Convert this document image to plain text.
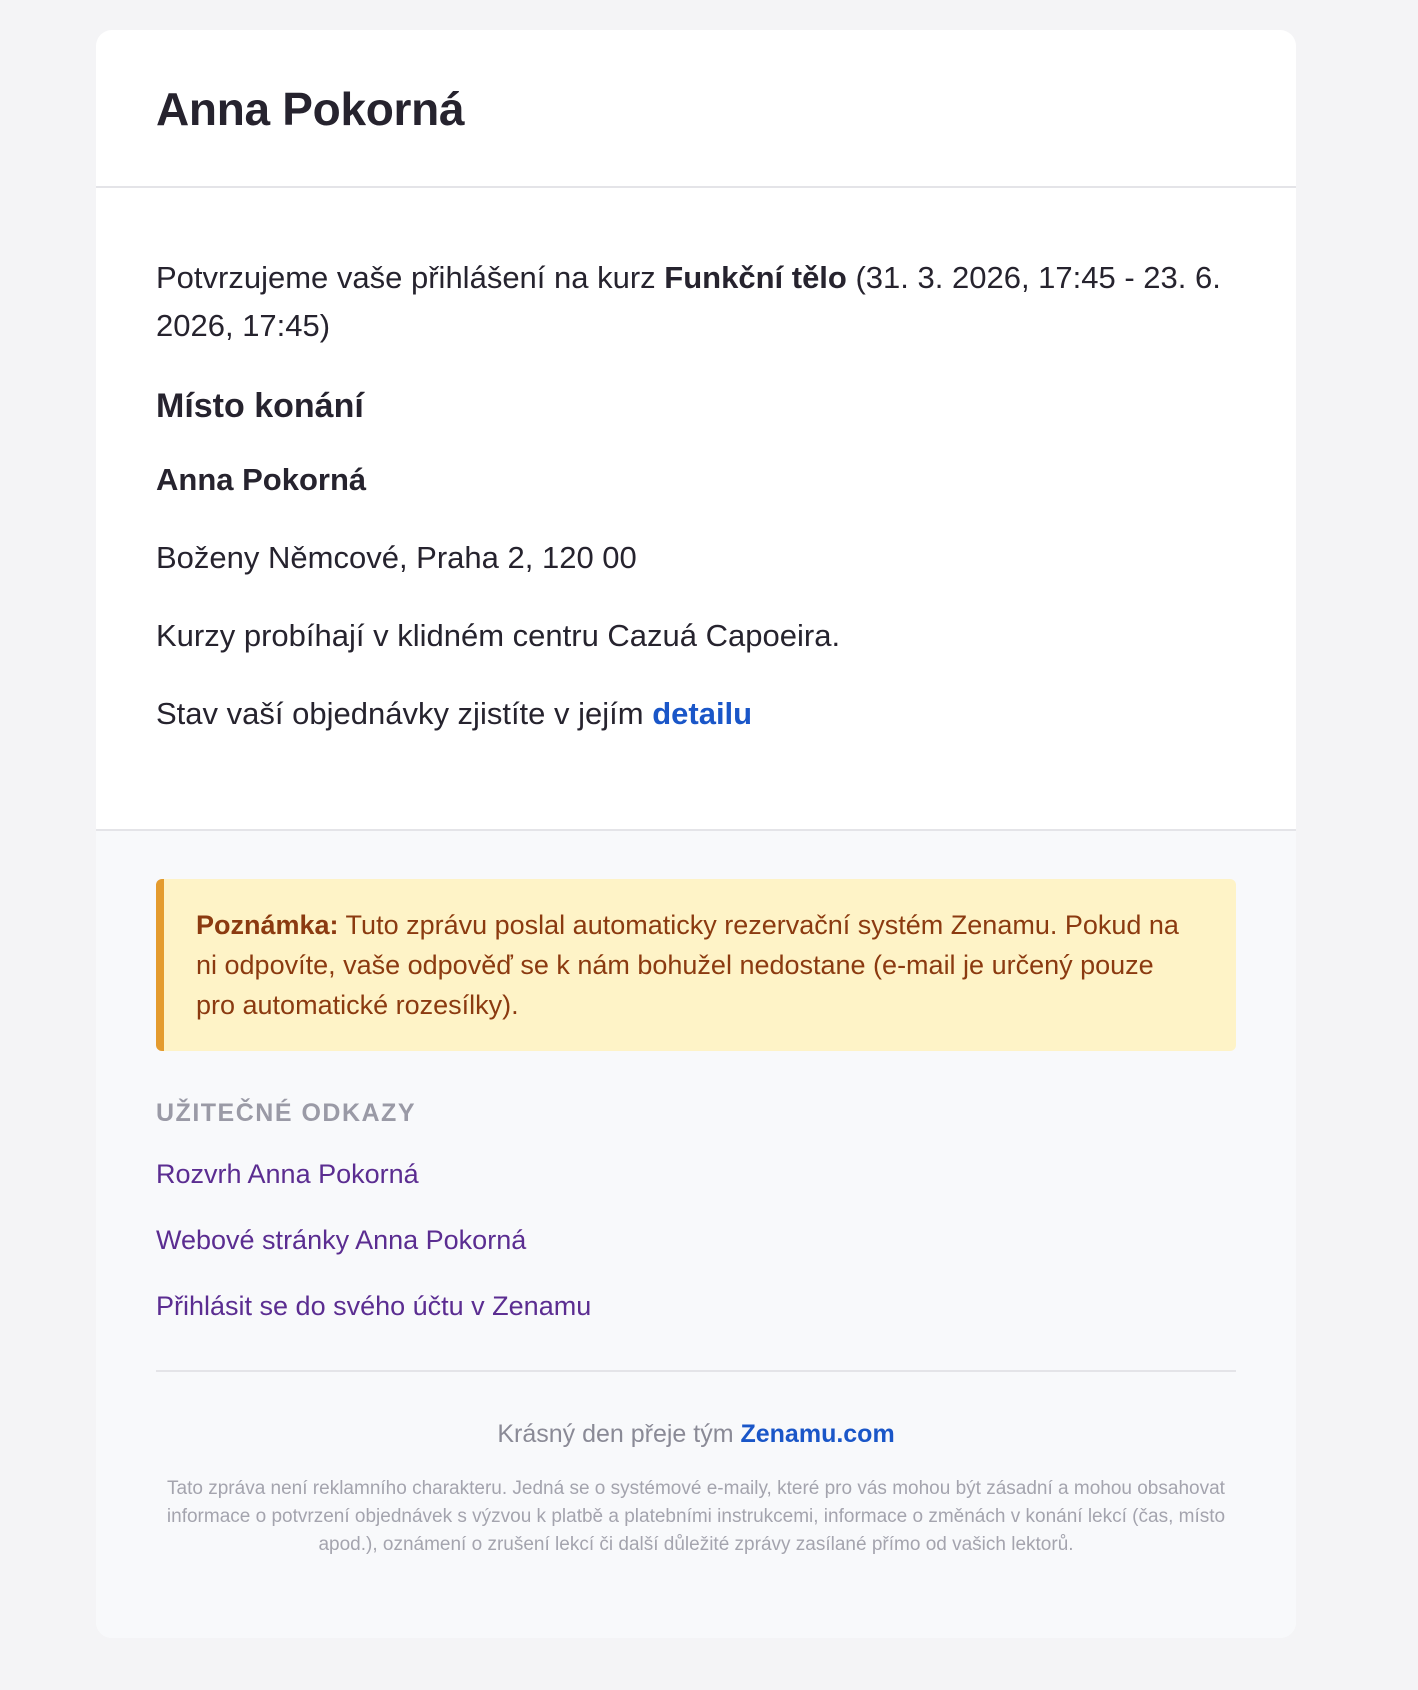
Anna Pokorná

Potvrzujeme vaše přihlášení na kurz Funkční tělo (31. 3. 2026, 17:45 - 23. 6. 2026, 17:45)

Místo konání
Anna Pokorná

Boženy Němcové, Praha 2, 120 00

Kurzy probíhají v klidném centru Cazuá Capoeira.

Stav vaší objednávky zjistíte v jejím detailu

Poznámka: Tuto zprávu poslal automaticky rezervační systém Zenamu. Pokud na ni odpovíte, vaše odpověď se k nám bohužel nedostane (e-mail je určený pouze pro automatické rozesílky).
UŽITEČNÉ ODKAZY
Rozvrh Anna Pokorná
Webové stránky Anna Pokorná
Přihlásit se do svého účtu v Zenamu
Krásný den přeje tým Zenamu.com
Tato zpráva není reklamního charakteru. Jedná se o systémové e-maily, které pro vás mohou být zásadní a mohou obsahovat informace o potvrzení objednávek s výzvou k platbě a platebními instrukcemi, informace o změnách v konání lekcí (čas, místo apod.), oznámení o zrušení lekcí či další důležité zprávy zasílané přímo od vašich lektorů.
